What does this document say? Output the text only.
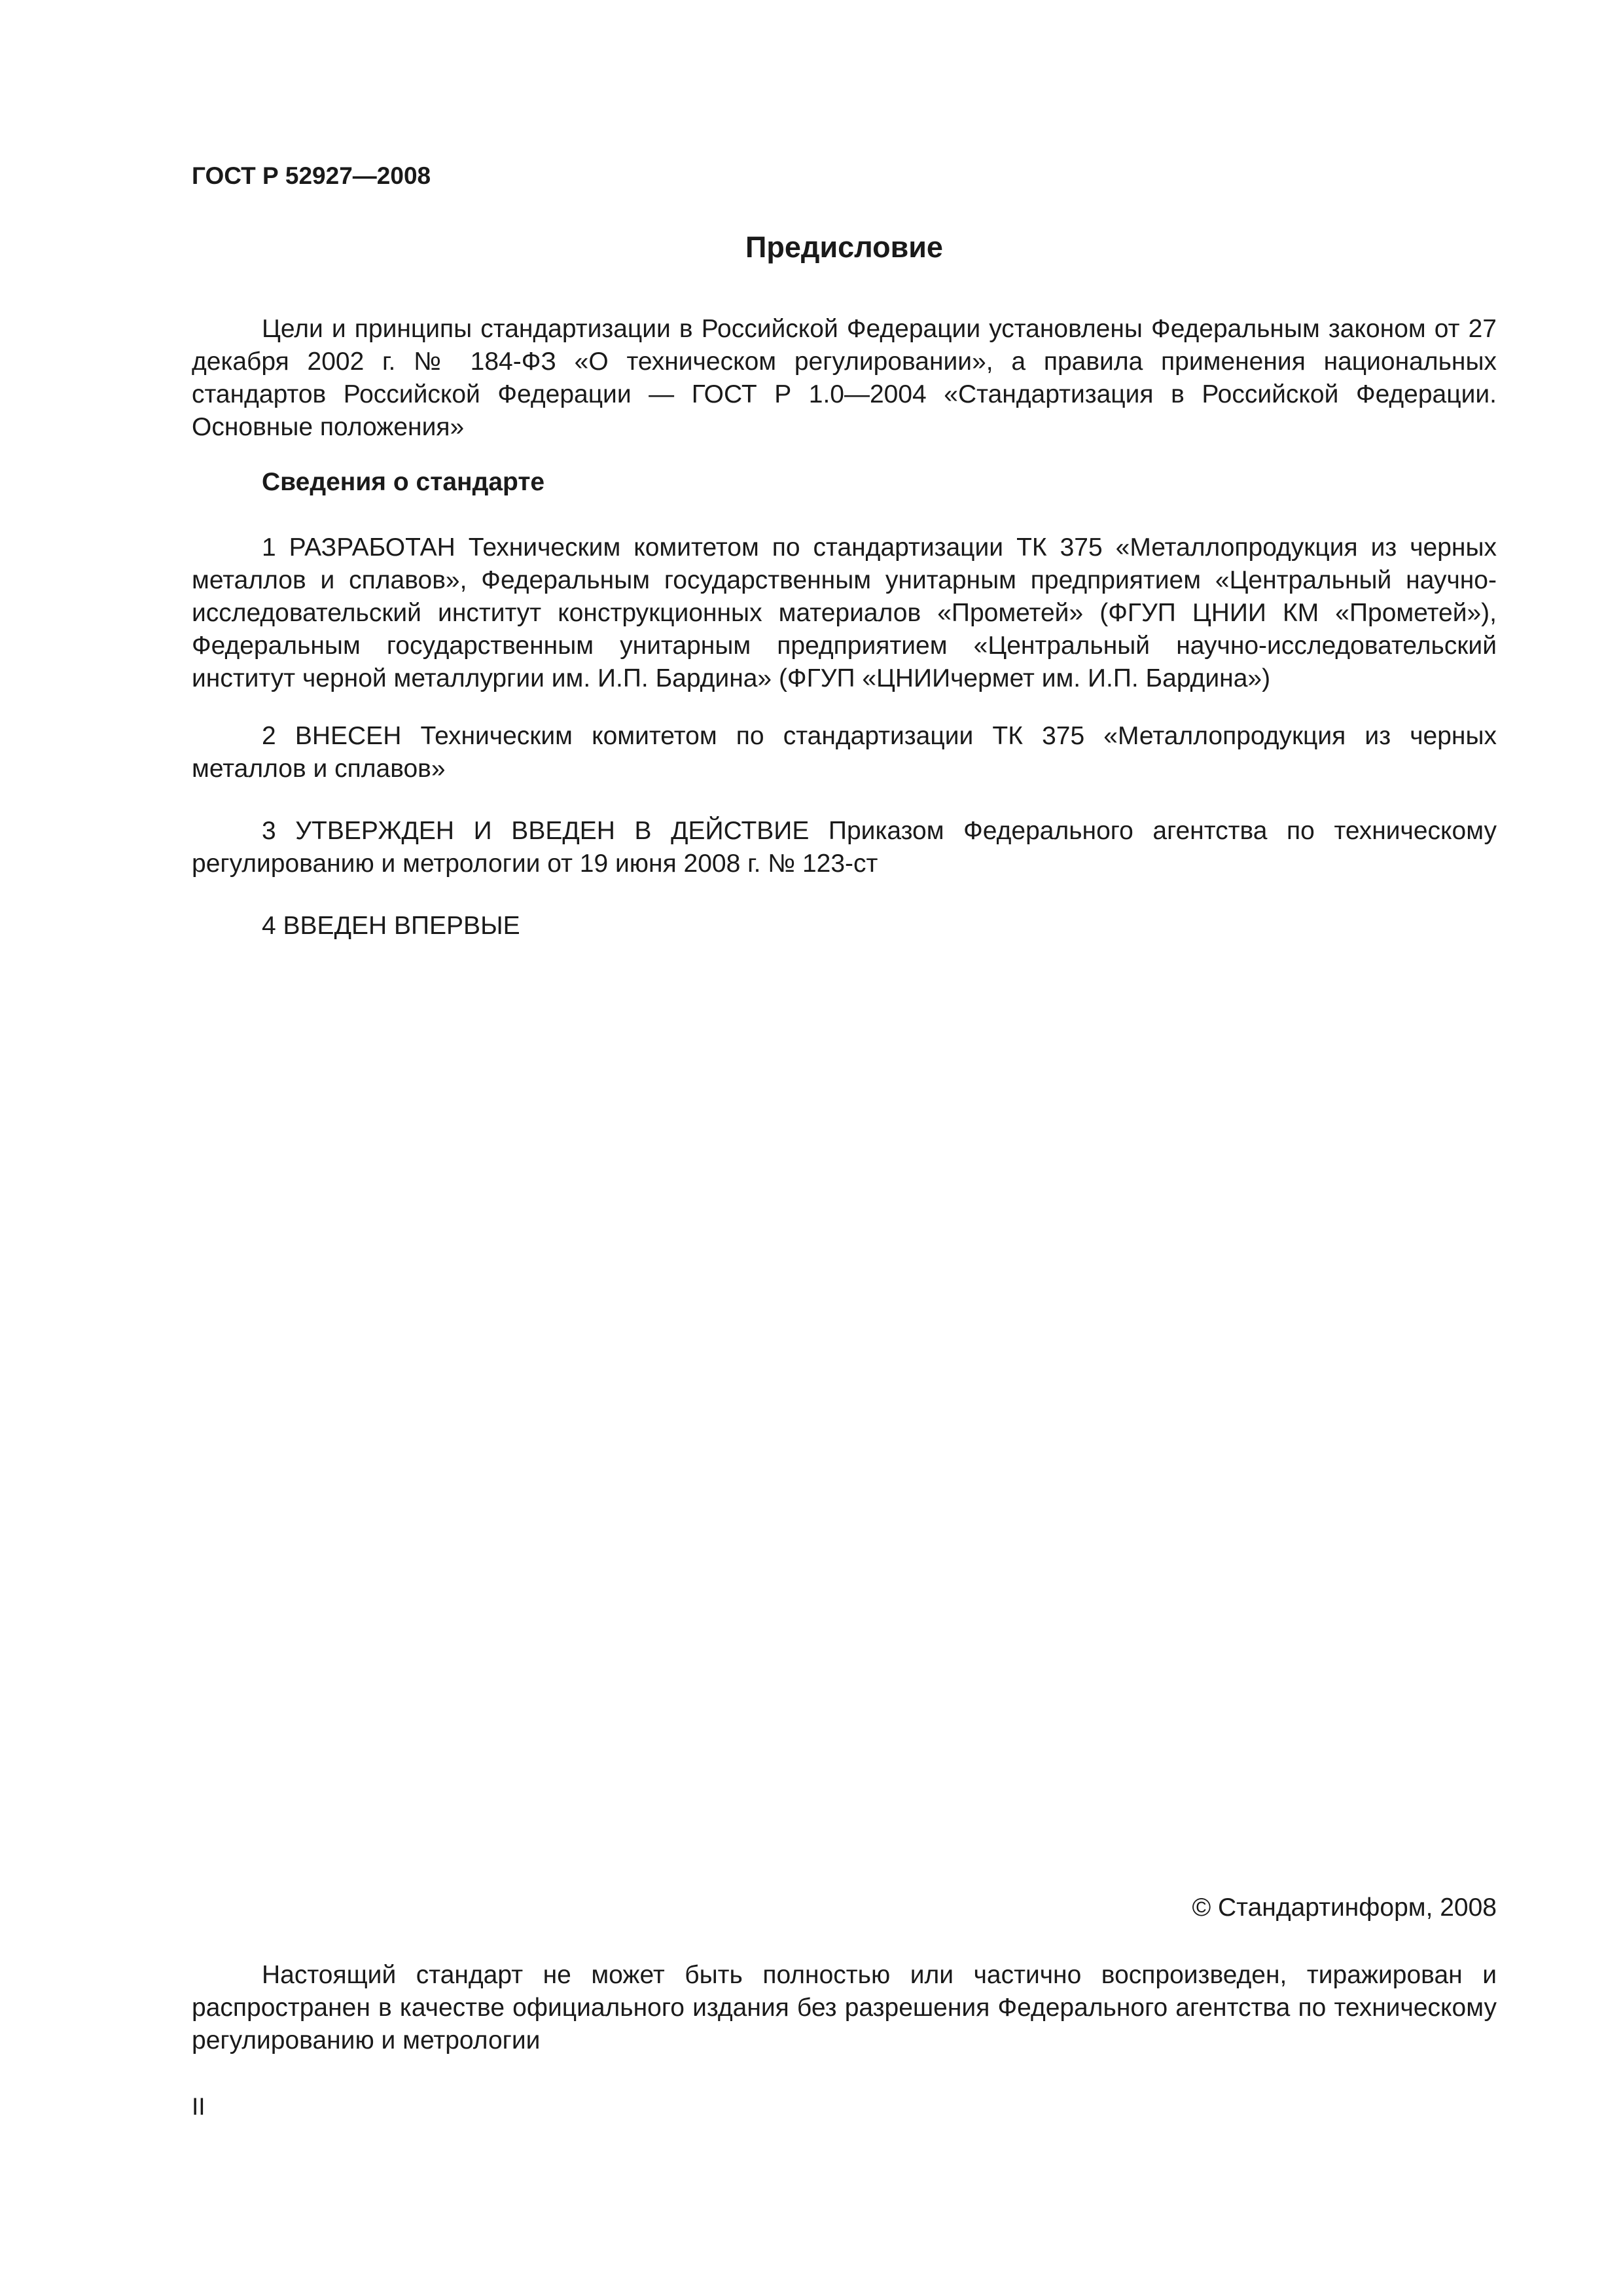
ГОСТ Р 52927—2008
Предисловие

Цели и принципы стандартизации в Российской Федерации установлены Федеральным законом от 27 декабря 2002 г. № 184-ФЗ «О техническом регулировании», а правила применения национальных стандартов Российской Федерации — ГОСТ Р 1.0—2004 «Стандартизация в Российской Федерации. Основные положения»

Сведения о стандарте

1 РАЗРАБОТАН Техническим комитетом по стандартизации ТК 375 «Металлопродукция из черных металлов и сплавов», Федеральным государственным унитарным предприятием «Центральный научно-исследовательский институт конструкционных материалов «Прометей» (ФГУП ЦНИИ КМ «Прометей»), Федеральным государственным унитарным предприятием «Центральный научно-исследовательский институт черной металлургии им. И.П. Бардина» (ФГУП «ЦНИИчермет им. И.П. Бардина»)

2 ВНЕСЕН Техническим комитетом по стандартизации ТК 375 «Металлопродукция из черных металлов и сплавов»

3 УТВЕРЖДЕН И ВВЕДЕН В ДЕЙСТВИЕ Приказом Федерального агентства по техническому регулированию и метрологии от 19 июня 2008 г. № 123-ст

4 ВВЕДЕН ВПЕРВЫЕ

© Стандартинформ, 2008

Настоящий стандарт не может быть полностью или частично воспроизведен, тиражирован и распространен в качестве официального издания без разрешения Федерального агентства по техническому регулированию и метрологии

II
